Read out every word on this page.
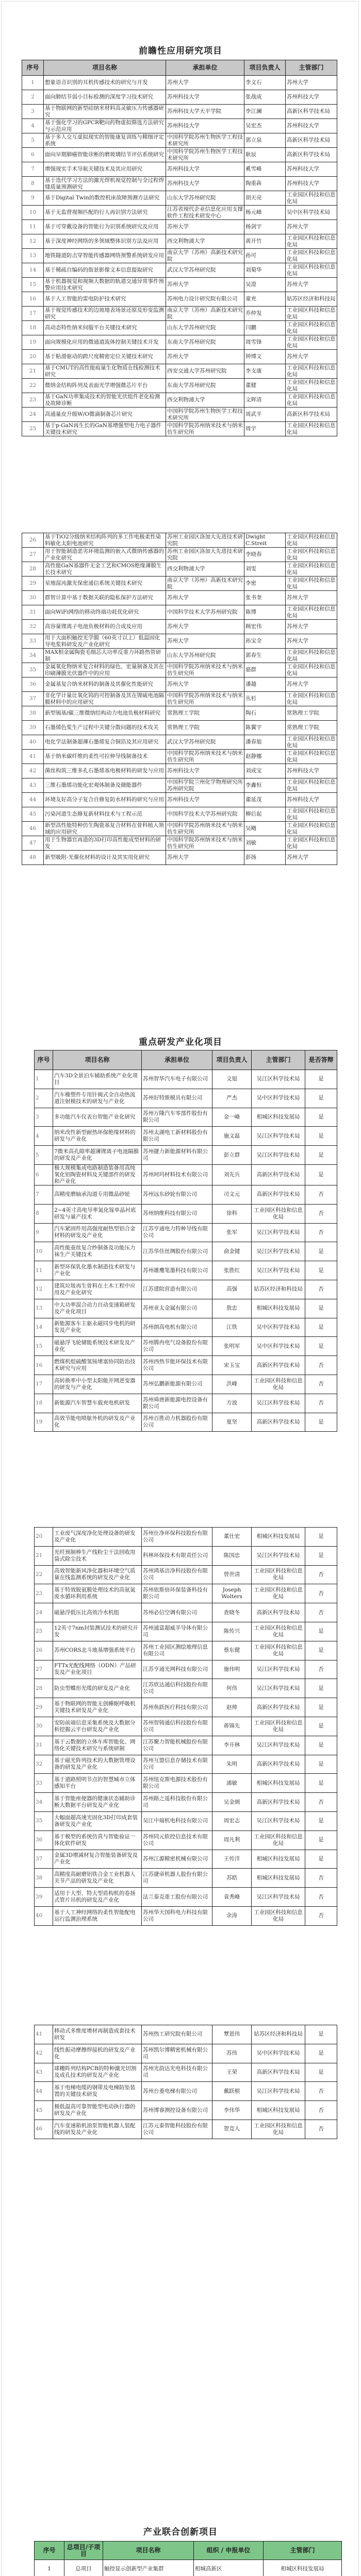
前瞻性应用研究项目
序号	项目名称	承担单位	项目负责人	主管部门
1	想象语音识别的耳机传感技术的研究与开发	苏州大学	李文石	苏州大学
2	面向肺结节弱小目标检测的深度学习技术研究	苏州科技大学	张战成	苏州科技大学
3	基于物联网的新型硅纳米材料高灵敏压力传感器研究	苏州科技大学天平学院	李江澜	高新区科学技术局
4	基于强化学习的GPCR靶向药物虚拟筛选方法研究与示范应用	苏州科技大学	吴宏杰	苏州科技大学
5	基于多人交互虚拟现实的智能康复训练与精细评定系统	中国科学院苏州生物医学工程技术研究所	郭立泉	高新区科学技术局
6	面向早期肺癌智能诊断的磨玻璃结节评估系统研究	中国科学院苏州生物医学工程技术研究所	耿辰	高新区科学技术局
7	增强现实手术导航关键技术及其应用研究	苏州科技大学	奚雪峰	苏州科技大学
8	基于迭代学习方法的激光焊机视觉控制与全过程焊缝质量预测研究	苏州科技大学	陶重犇	苏州科技大学
9	基于Digital Twin的数控机床故障预测方法研究	山东大学苏州研究院	胡天亮	工业园区科技和信息化局
10	基于无监督视频匹配的行人再识别方法研究	江苏省现代企业信息化应用支撑软件工程技术研发中心	杨元峰	吴中区科学技术局
11	基于可穿戴设备的智能行为识别系统研究及应用	苏州大学	杨剑宇	苏州大学
12	基于深度神经网络的多领域整体识别方法及应用	西交利物浦大学	黄开竹	工业园区科技和信息化局
13	地铁隧道防击穿智能传感器网络预警系统研发应用	南京大学（苏州）高新技术研究院	孙可	工业园区科技和信息化局
14	基于稀疏自编码的街景影像文本信息提取研究	武汉大学苏州研究院	刘菊华	工业园区科技和信息化局
15	基于机器视觉和视频大数据的轨道交通异常事件预警应用技术研究	苏州大学	吴澄	苏州大学
16	基于人工智能的雷电防护技术研究	苏州电力设计研究院有限公司	童充	姑苏区经济和科技局
17	基于视觉传感技术的边坡地表场景还原及形变监测研究	南京大学（苏州）高新技术研究院	乔仲发	工业园区科技和信息化局
18	高动态特性纳米伺服平台关键技术研究	山东大学苏州研究院	闫鹏	工业园区科技和信息化局
19	面向规模化应用的微通道流体控制关键技术开发	东南大学苏州研究院	周雪锋	工业园区科技和信息化局
20	基于粘滑驱动的跨尺度精密定位关键技术研究	苏州大学	钟博文	苏州大学
21	基于CMUT的高性能痕量生化物质在线检测技术研究	西安交通大学苏州研究院	李支康	工业园区科技和信息化局
22	微纳金结构阵列及表面光学增强微芯片平台	东南大学苏州研究院	董健	工业园区科技和信息化局
23	基于GaN功率集成技术的智能光伏组件老化检测及故障诊断	西交利物浦大学	文辉清	工业园区科技和信息化局
24	高通量皮升级W/O微滴制备芯片研究	中国科学院苏州生物医学工程技术研究所	周武平	高新区科学技术局
25	基于p-GaN再生长的GaN基增强型电力电子器件关键技术研究	中国科学院苏州纳米技术与纳米仿生研究所	周宇	工业园区科技和信息化局
26	基于TiO2分级纳米结构阵列的多工作电极柔性染料敏化太阳电池研究	苏州工业园区洛加大先进技术研究院	Dwight C.Streit	工业园区科技和信息化局
27	用于智能制造恶劣环境监测的嵌入式微纳传感器的产业化研究	苏州工业园区洛加大先进技术研究院	李晓春	工业园区科技和信息化局
28	高性能GaN基器件无金工艺和CMOS绝缘薄膜生长技术研究	西交利物浦大学	刘雯	工业园区科技和信息化局
29	星地混沌激光保密通信系统关键技术研究	南京大学（苏州）高新技术研究院	李密	工业园区科技和信息化局
30	群智计算中基于数据关联的隐私保护方法研究	苏州大学	张书奎	苏州大学
31	面向WiFi网络的移动终端功耗优化研究	中国科学技术大学苏州研究院	陈博	工业园区科技和信息化局
32	高容量锂离子电池负极材料的合成及应用	苏州大学	顾宏伟	苏州大学
33	用于大面积触控光学膜（60英寸以上）低温固化导电浆料研发及产业化研究	苏州大学	孙宝全	苏州大学
34	MAX相金属陶瓷毛细芯大功率反重力环路热管研制	山东大学苏州研究院	郭春生	工业园区科技和信息化局
35	金属氧化物纳米复合材料的绿色、宏量制备及其在印刷薄膜光伏器件中的应用	中国科学院苏州纳米技术与纳米仿生研究所	骆群	工业园区科技和信息化局
36	金属基复合纳米材料的制备及其催化性能研究	苏州大学	潘越	苏州大学
37	非化学计量比氧化钨的可控制备及其在锂硫电池隔膜材料中的应用研究	中国科学院苏州纳米技术与纳米仿生研究所	丛杉	工业园区科技和信息化局
38	新型锡基/碳三维微纳结构动力电池负极材料研究	常熟理工学院	陶石	常熟理工学院
39	石墨烯色浆生产过程中关键分散问题的技术攻关	常熟理工学院	陈翼宇	常熟理工学院
40	电化学法制备超薄石墨烯复合铜箔及其应用研究	武汉大学苏州研究院	潘春旭	工业园区科技和信息化局
41	基于纳米碳纤维的柔性可拉伸导线制备技术	中国科学院苏州纳米技术与纳米仿生研究所	赵静娜	工业园区科技和信息化局
42	菌丝构筑三维多孔石墨烯基电极材料的研发与应用	苏州科技大学	刘成宝	苏州科技大学
43	三维石墨烯功能化宏观体制备及储能器件	中国科学院兰州化学物理研究所苏州研究院	李鑫恒	工业园区科技和信息化局
44	环境友好高分子复合自修复防水材料的研究与应用	苏州科技大学	董延茂	苏州科技大学
45	污染河道生态修复新材料技术与工程示范	中国科学技术大学苏州研究院	柳后起	工业园区科技和信息化局
46	新型高性能特种仿生陶瓷基复合材料在骨科植入领域的应用研究	中国科学院苏州纳米技术与纳米仿生研究所	吴飏	工业园区科技和信息化局
47	用于生物器官再造的3D打印高性能成型材料的研发	中国科学院苏州纳米技术与纳米仿生研究所	刘敏	工业园区科技和信息化局
48	新型吸附-光催化材料的设计及其实用化研究	苏州大学	彭扬	苏州大学
重点研发产业化项目
序号	项目名称	承担单位	项目负责人	主管部门	是否答辩
1	汽车3D全景泊车辅助系统产业化项目	苏州智华汽车电子有限公司	文旭	吴江区科学技术局	是
2	汽车橡塑件专用针阀式全自动热流道注射模技术的研发与产业化	苏州好特斯模具有限公司	严杰	吴中区科学技术局	是
3	多功能汽车仪表台智能产业化研究	苏州万隆汽车零部件股份有限公司	金一峰	相城区科技发展局	是
4	纳米改性新型耐热环保绝缘材料的研发与产业化	苏州太湖电工新材料股份有限公司	施文磊	吴江区科学技术局	是
5	7微米高孔隙率超薄锂离子电池隔膜的研发及产业化	苏州捷力新能源材料有限公司	彭立群	吴江区科学技术局	是
6	极大规模集成电路制造装备用高纯氧化铝陶瓷材料及关键部件的研发和产业化	苏州珂玛材料技术有限公司	刘先兵	高新区科学技术局	是
7	高精度磨轴承沟道专用微晶砂轮	苏州远东砂轮有限公司	司文元	高新区科学技术局	否
8	2~4英寸高电导率氮化镓单晶衬底研发与量产技术	苏州纳维科技有限公司	徐科	工业园区科技和信息化局	否
9	汽车紧固件用高强度耐热型铝合金材料的研发及产业化	江苏亨通电力特种导线有限公司	张军	吴江区科学技术局	否
10	高性能蚕丝复合纱制备及功能压力袜生产关键技术	江苏华佳丝绸股份有限公司	俞金键	吴江区科学技术局	是
11	新型环保乳化墨水制造技术研发与产业化	苏州雄鹰笔墨科技有限公司	张胜红	吴江区科学技术局	是
12	建筑垃圾再生骨料在土木工程中应用及产业化研究	江苏建院营造有限公司	高强	姑苏区经济和科技局	否
13	中大功率混合动力自动变速箱研发及产业化项目	苏州亚太金属有限公司	敖忠	相城区科技发展局	是
14	新能源客车主驱永磁同步电机的研发及产业化	苏州朗高电机有限公司	江铁	吴中区科学技术局	是
15	磁悬浮飞轮储能系统技术研发及产业化	苏州腾冉电气设备股份有限公司	张明军	吴中区科学技术局	是
16	燃煤机组硫酸氢铵堵塞协同防治技术研究与应用	苏州西热节能环保技术有限公司	宋玉宝	高新区科学技术局	否
17	高转换率中小型太阳能并网逆变器的研发与产业化	苏州弘鹏新能源有限公司	洪峰	工业园区科技和信息化局	否
18	新能源汽车智慧车载充电机研发	苏州舜唐新能源电控设备有限公司	方波	吴江区科学技术局	否
19	高效节能电喷舷外机的研发及产业化	苏州百胜动力机器股份有限公司	夏坚	高新区科学技术局	是
20	工业废气深度净化处理设备的研发及产业化	苏州仕净环保科技股份有限公司	董仕宏	相城区科技发展局	是
21	光纤预制棒生产线粉尘干法回收用袋式除尘技术	科林环保技术有限责任公司	陈国忠	吴江区科学技术局	是
22	高效智能新风净化器和环境空气质量在线监测系统的研发及产业化	苏州鸿基洁净科技股份有限公司	曾世清	工业园区科技和信息化局	否
23	基于特效脱氨膜处理技术的高氨氮废水循环利用系统	苏州依斯倍环保装备科技有限公司	Joseph Wolters	工业园区科技和信息化局	否
24	磁悬浮低压比高效冷水机组	苏州必信空调有限公司	查晓冬	高新区科学技术局	否
25	12英寸7nm封装测试技术的研究开发	苏州通富超威半导体有限公司	陈传兴	工业园区科技和信息化局	是
26	苏州CORS北斗地基增强系统平台	苏州工业园区测绘地理信息有限公司	蔡东健	工业园区科技和信息化局	是
27	FTTx光配线网络（ODN）产品研发及产业化项目	江苏亨通光网科技有限公司	施伟明	吴江区科学技术局	否
28	防虫型蝶形光缆的研发及产业化	江苏欣达通信科技股份有限公司	何伟	吴江区科学技术局	是
29	基于物联网的智能无创睡眠呼吸机关键技术研发及产业化	苏州鱼跃医疗科技有限公司	赵帅	高新区科学技术局	是
30	安防前端信息采集系统及大数据分析挖掘云平台研发及产业化	苏州智铸通信科技股份有限公司	蒋锦先	工业园区科技和信息化局	是
31	基于云数据的立体车库智能化、网络化关键技术研究与系统研制	江苏聚力智能机械股份有限公司	李开林	吴江区科学技术局	是
32	基于磁光阵列技术的大数据管理设备的研发及产业化	苏州互盟信息存储技术有限公司	朱明	高新区科学技术局	是
33	基于道路照明节点的智慧城市立体感知平台	苏州纽克斯电源技术股份有限公司	浦敏	相城区科技发展局	是
34	基于智能座便器的健康状态辅助诊断大数据平台研发及产业化	苏州路之遥科技股份有限公司	吴金炳	高新区科学技术局	否
35	大幅面超高速光固化3D打印成套装备研发及产业化	吴江中瑞机电科技有限公司	周宏志	吴江区科学技术局	是
36	基于模型的系统仿真与智能验证一体化软件研发	苏州同元软控信息技术有限公司	周凡利	工业园区科技和信息化局	是
37	金属3D增减材复合智能装备研发及产业化	苏州江源精密机械有限公司	王传洋	相城区科技发展局	是
38	高精度高耐磨铝铁合金工业机器人关节产品的研发及产业化	江苏捷帝机器人股份有限公司	苏皓	相城区科技发展局	否
39	适用于大型、特大型盾构机的卷扬式管片吊机的研发及产业化	法兰泰克重工股份有限公司	袁秀峰	吴江区科学技术局	否
40	基于人工神经网络的柔性智能配电运行监测治理系统	苏州华天国科电力科技有限公司	余涛	工业园区科技和信息化局	否
41	移动式多维度增材再制造成套技术研发	苏州热工研究院有限公司	覃恩伟	姑苏区经济和科技局	是
42	线性振动摩擦焊接机的研发及产业化	苏州凯尔博精密机械有限公司	苏伟	吴中区科学技术局	是
43	球栅阵列结构PCB的特种激光切割及成孔技术的研发及产业化	苏州光韵达光电科技有限公司	王荣	高新区科学技术局	是
44	基于电梯电缆的钢带及电梯防坠装置的关键技术研发	苏州台菱电梯有限公司	戴跃根	吴江区科学技术局	否
45	极低温高可靠智能型电动执行器的研发及产业化	苏州博睿测控设备有限公司	李伟华	相城区科技发展局	否
46	汽车变速箱机油泵智能机器人装配线的研发及产业化	江苏元泰智能科技股份有限公司	贺竞人	工业园区科技和信息化局	否
产业联合创新项目
序号	总项目/子项目	项目名称	组织 / 申报单位	主管部门
1	总项目	触控显示创新型产业集群	相城高新区	相城区科技发展局
